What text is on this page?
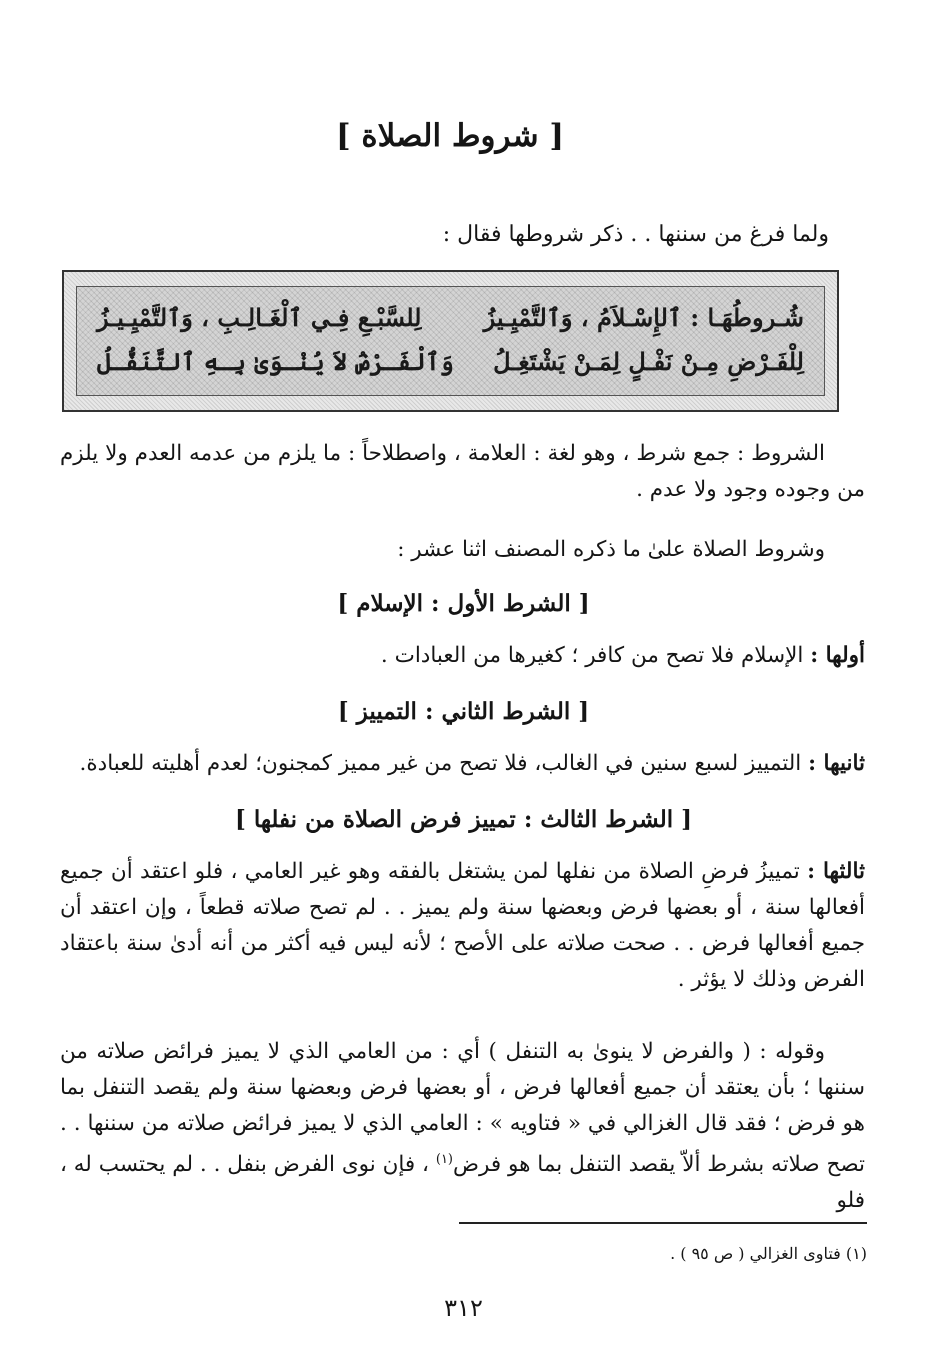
[ شروط الصلاة ]
ولما فرغ من سننها . . ذكر شروطها فقال :
شُـروطُهَـا : ٱلإِسْـلاَمُ ، وَٱلتَّمْيِـيزُ
لِلسَّبْـعِ فِـي ٱلْغَـالِـبِ ، وَٱلتَّمْيِـيـزُ
لِلْفَـرْضِ مِـنْ نَفْـلٍ لِمَـنْ يَشْتَغِـلُ
وَٱلْفَـرْضُ لاَ يُنْـوَىٰ بِـهِ ٱلتَّنَفُّـلُ
الشروط : جمع شرط ، وهو لغة : العلامة ، واصطلاحاً : ما يلزم من عدمه العدم ولا يلزم من وجوده وجود ولا عدم .
وشروط الصلاة علىٰ ما ذكره المصنف اثنا عشر :
[ الشرط الأول : الإسلام ]
أولها : الإسلام فلا تصح من كافر ؛ كغيرها من العبادات .
[ الشرط الثاني : التمييز ]
ثانيها : التمييز لسبع سنين في الغالب، فلا تصح من غير مميز كمجنون؛ لعدم أهليته للعبادة.
[ الشرط الثالث : تمييز فرض الصلاة من نفلها ]
ثالثها : تمييزُ فرضِ الصلاة من نفلها لمن يشتغل بالفقه وهو غير العامي ، فلو اعتقد أن جميع أفعالها سنة ، أو بعضها فرض وبعضها سنة ولم يميز . . لم تصح صلاته قطعاً ، وإن اعتقد أن جميع أفعالها فرض . . صحت صلاته على الأصح ؛ لأنه ليس فيه أكثر من أنه أدىٰ سنة باعتقاد الفرض وذلك لا يؤثر .
وقوله : ( والفرض لا ينوىٰ به التنفل ) أي : من العامي الذي لا يميز فرائض صلاته من سننها ؛ بأن يعتقد أن جميع أفعالها فرض ، أو بعضها فرض وبعضها سنة ولم يقصد التنفل بما هو فرض ؛ فقد قال الغزالي في « فتاويه » : العامي الذي لا يميز فرائض صلاته من سننها . . تصح صلاته بشرط ألاّ يقصد التنفل بما هو فرض$^{(١)}$ ، فإن نوى الفرض بنفل . . لم يحتسب له ، فلو
(١) فتاوى الغزالي ( ص ٩٥ ) .
٣١٢
